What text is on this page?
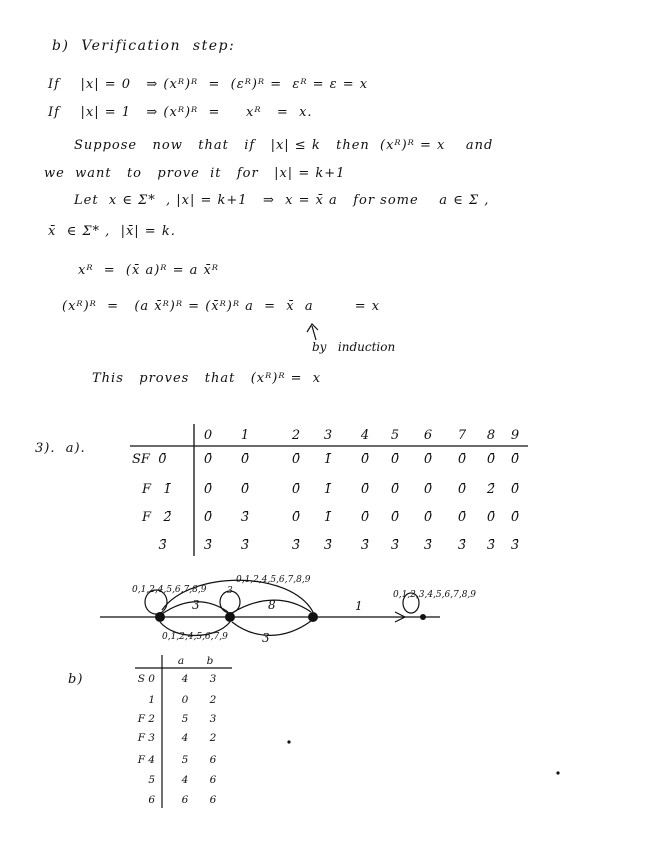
b)  Verification  step:
If    |x| = 0   ⇒ (xᴿ)ᴿ  =  (εᴿ)ᴿ =  εᴿ = ε = x
If    |x| = 1   ⇒ (xᴿ)ᴿ  =     xᴿ   =  x.
Suppose   now   that   if   |x| ≤ k   then  (xᴿ)ᴿ = x    and
we  want   to   prove  it   for   |x| = k+1
Let  x ∈ Σ*  , |x| = k+1   ⇒  x = x̄ a   for some    a ∈ Σ ,
x̄  ∈ Σ* ,  |x̄| = k.
xᴿ  =  (x̄ a)ᴿ = a x̄ᴿ
(xᴿ)ᴿ  =   (a x̄ᴿ)ᴿ = (x̄ᴿ)ᴿ a  =  x̄  a        = x
by   induction
This   proves   that   (xᴿ)ᴿ =  x
3).  a).
0	1	2	3	4	5	6	7	8	9
SF  0̄	0̄	0̄	0̄	1̄	0̄	0̄	0̄	0̄	0̄	0̄
F   1̄	0̄	0̄	0̄	1̄	0̄	0̄	0̄	0̄	2̄	0̄
F   2̄	0̄	3̄	0̄	1̄	0̄	0̄	0̄	0̄	0̄	0̄
3̄	3̄	3̄	3̄	3̄	3̄	3̄	3̄	3̄	3̄	3̄
0,1,2,4,5,6,7,8,9 3	0,1,2,3,4,5,6,7,8,9
0,1,2,4,5,6,7,8,9
0,1,2,4,5,6,7,9
3	8
3
1
b)
a	b
S 0	4	3
1	0	2
F 2	5	3
F 3	4	2
F 4	5	6
5	4	6
6	6	6
